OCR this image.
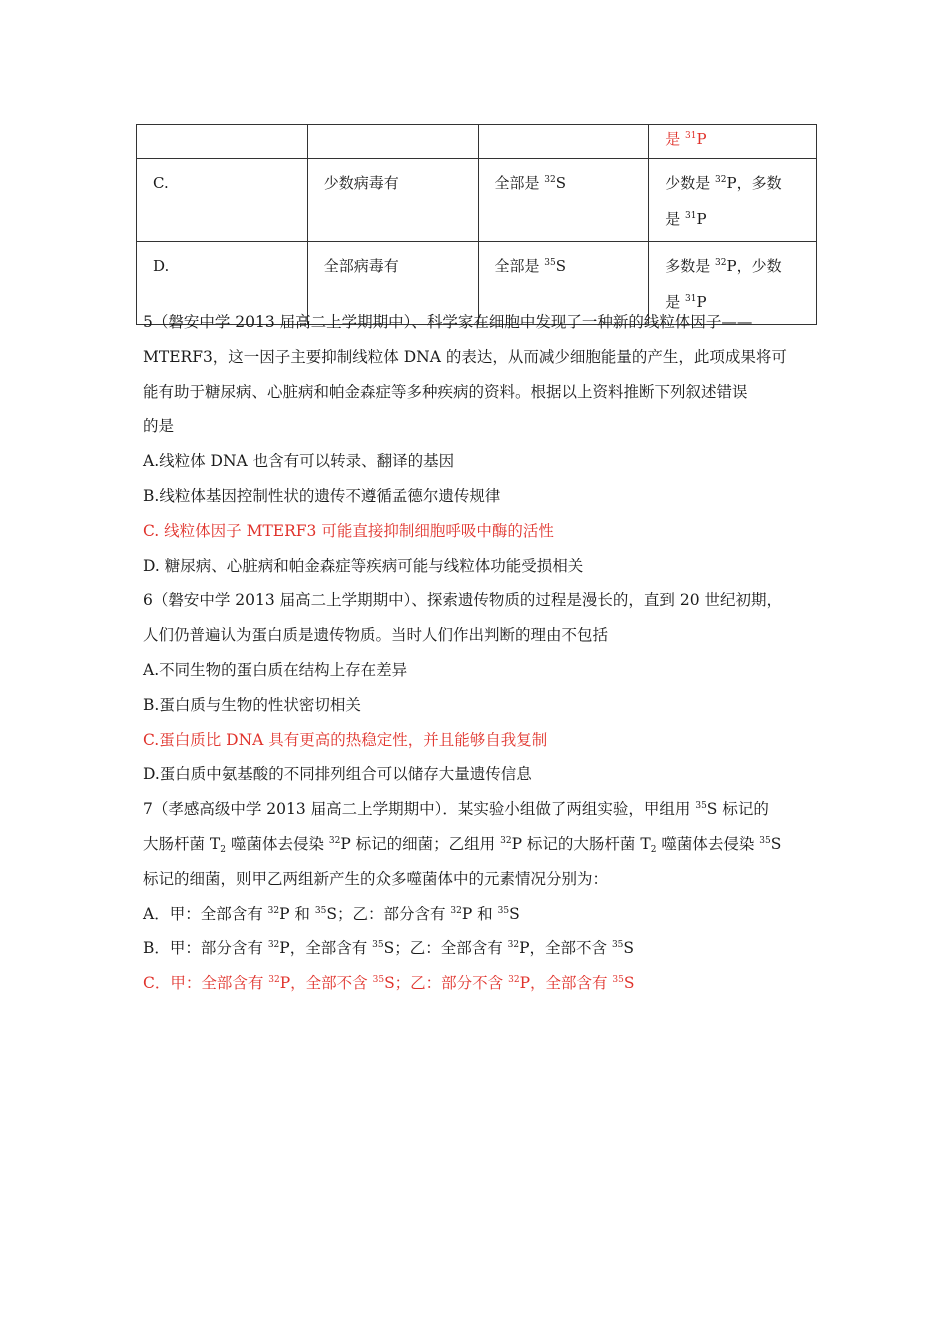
			是 $^{31}$P
C.	少数病毒有	全部是 $^{32}$S	少数是 $^{32}$P，多数
是 $^{31}$P
D.	全部病毒有	全部是 $^{35}$S	多数是 $^{32}$P，少数
是 $^{31}$P
5（磐安中学 2013 届高二上学期期中）、科学家在细胞中发现了一种新的线粒体因子——
MTERF3，这一因子主要抑制线粒体 DNA 的表达，从而减少细胞能量的产生，此项成果将可
能有助于糖尿病、心脏病和帕金森症等多种疾病的资料。根据以上资料推断下列叙述错误
的是
A.线粒体 DNA 也含有可以转录、翻译的基因
B.线粒体基因控制性状的遗传不遵循孟德尔遗传规律
C. 线粒体因子 MTERF3 可能直接抑制细胞呼吸中酶的活性
D. 糖尿病、心脏病和帕金森症等疾病可能与线粒体功能受损相关
6（磐安中学 2013 届高二上学期期中）、探索遗传物质的过程是漫长的，直到 20 世纪初期，
人们仍普遍认为蛋白质是遗传物质。当时人们作出判断的理由不包括
A.不同生物的蛋白质在结构上存在差异
B.蛋白质与生物的性状密切相关
C.蛋白质比 DNA 具有更高的热稳定性，并且能够自我复制
D.蛋白质中氨基酸的不同排列组合可以储存大量遗传信息
7（孝感高级中学 2013 届高二上学期期中）．某实验小组做了两组实验，甲组用 $^{35}$S 标记的
大肠杆菌 $T_2$ 噬菌体去侵染 $^{32}$P 标记的细菌；乙组用 $^{32}$P 标记的大肠杆菌 $T_2$ 噬菌体去侵染 $^{35}$S
标记的细菌，则甲乙两组新产生的众多噬菌体中的元素情况分别为：
A．甲：全部含有 $^{32}$P 和 $^{35}$S；乙：部分含有 $^{32}$P 和 $^{35}$S
B．甲：部分含有 $^{32}$P，全部含有 $^{35}$S；乙：全部含有 $^{32}$P，全部不含 $^{35}$S
C．甲：全部含有 $^{32}$P，全部不含 $^{35}$S；乙：部分不含 $^{32}$P，全部含有 $^{35}$S
